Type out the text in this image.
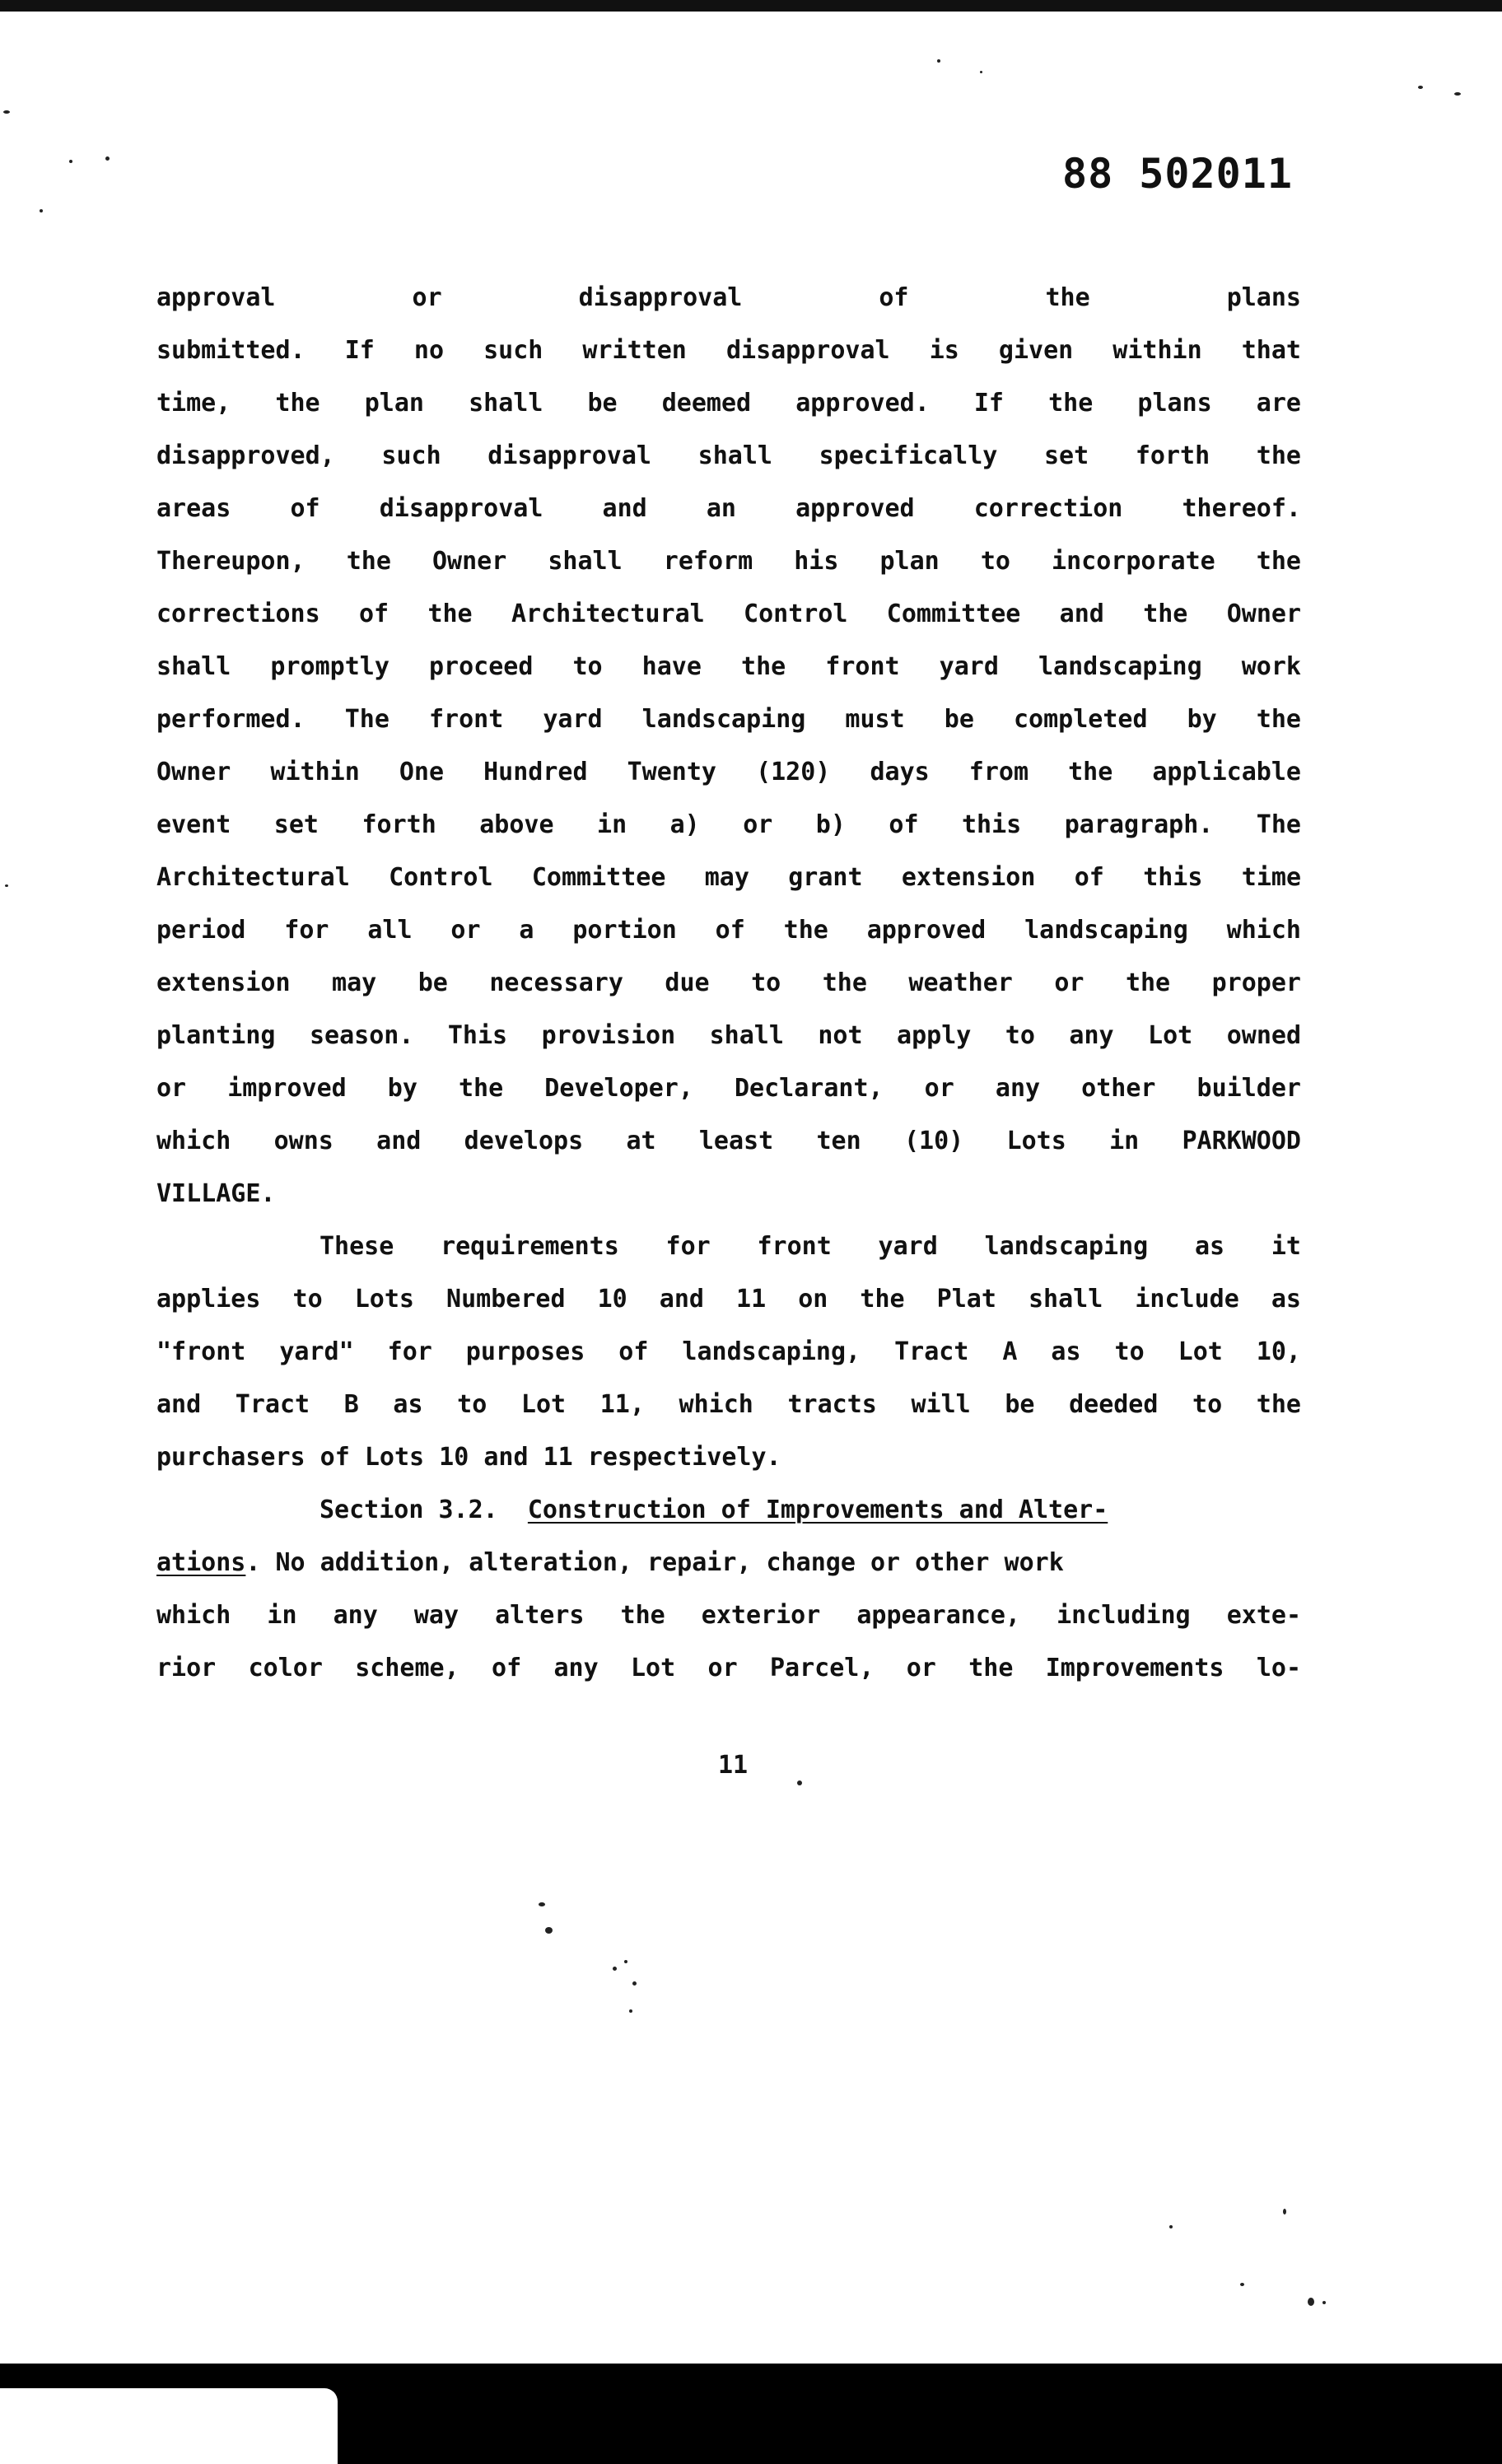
88 502011
approval or disapproval of the plans
submitted. If no such written disapproval is given within that
time, the plan shall be deemed approved. If the plans are
disapproved, such disapproval shall specifically set forth the
areas of disapproval and an approved correction thereof.
Thereupon, the Owner shall reform his plan to incorporate the
corrections of the Architectural Control Committee and the Owner
shall promptly proceed to have the front yard landscaping work
performed. The front yard landscaping must be completed by the
Owner within One Hundred Twenty (120) days from the applicable
event set forth above in a) or b) of this paragraph. The
Architectural Control Committee may grant extension of this time
period for all or a portion of the approved landscaping which
extension may be necessary due to the weather or the proper
planting season. This provision shall not apply to any Lot owned
or improved by the Developer, Declarant, or any other builder
which owns and develops at least ten (10) Lots in PARKWOOD
VILLAGE.
These requirements for front yard landscaping as it
applies to Lots Numbered 10 and 11 on the Plat shall include as
"front yard" for purposes of landscaping, Tract A as to Lot 10,
and Tract B as to Lot 11, which tracts will be deeded to the
purchasers of Lots 10 and 11 respectively.
Section 3.2. Construction of Improvements and Alter-
ations. No addition, alteration, repair, change or other work
which in any way alters the exterior appearance, including exte-
rior color scheme, of any Lot or Parcel, or the Improvements lo-
11
